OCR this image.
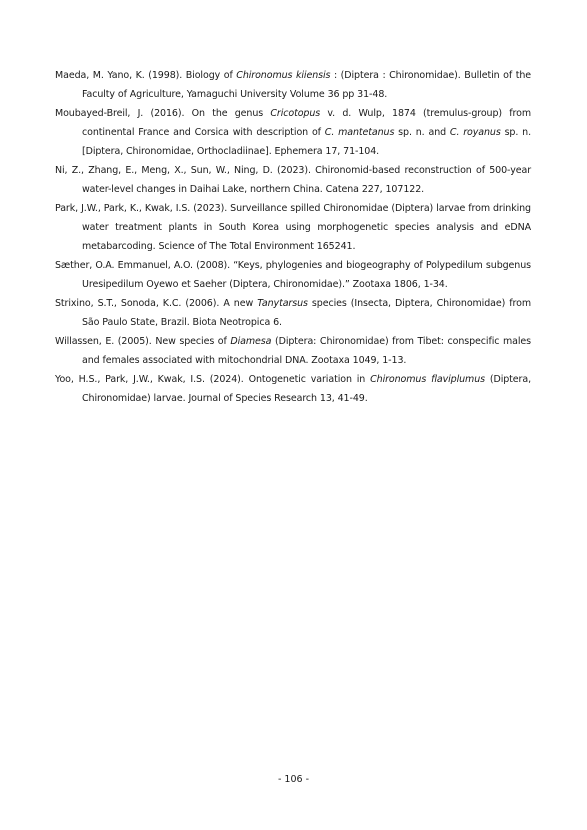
Maeda, M. Yano, K. (1998). Biology of Chironomus kiiensis : (Diptera : Chironomidae). Bulletin of the Faculty of Agriculture, Yamaguchi University Volume 36 pp 31-48.

Moubayed-Breil, J. (2016). On the genus Cricotopus v. d. Wulp, 1874 (tremulus-group) from continental France and Corsica with description of C. mantetanus sp. n. and C. royanus sp. n. [Diptera, Chironomidae, Orthocladiinae]. Ephemera 17, 71-104.

Ni, Z., Zhang, E., Meng, X., Sun, W., Ning, D. (2023). Chironomid-based reconstruction of 500-year water-level changes in Daihai Lake, northern China. Catena 227, 107122.

Park, J.W., Park, K., Kwak, I.S. (2023). Surveillance spilled Chironomidae (Diptera) larvae from drinking water treatment plants in South Korea using morphogenetic species analysis and eDNA metabarcoding. Science of The Total Environment 165241.

Sæther, O.A. Emmanuel, A.O. (2008). “Keys, phylogenies and biogeography of Polypedilum subgenus Uresipedilum Oyewo et Saeher (Diptera, Chironomidae).” Zootaxa 1806, 1-34.

Strixino, S.T., Sonoda, K.C. (2006). A new Tanytarsus species (Insecta, Diptera, Chironomidae) from São Paulo State, Brazil. Biota Neotropica 6.

Willassen, E. (2005). New species of Diamesa (Diptera: Chironomidae) from Tibet: conspecific males and females associated with mitochondrial DNA. Zootaxa 1049, 1-13.

Yoo, H.S., Park, J.W., Kwak, I.S. (2024). Ontogenetic variation in Chironomus flaviplumus (Diptera, Chironomidae) larvae. Journal of Species Research 13, 41-49.

- 106 -
